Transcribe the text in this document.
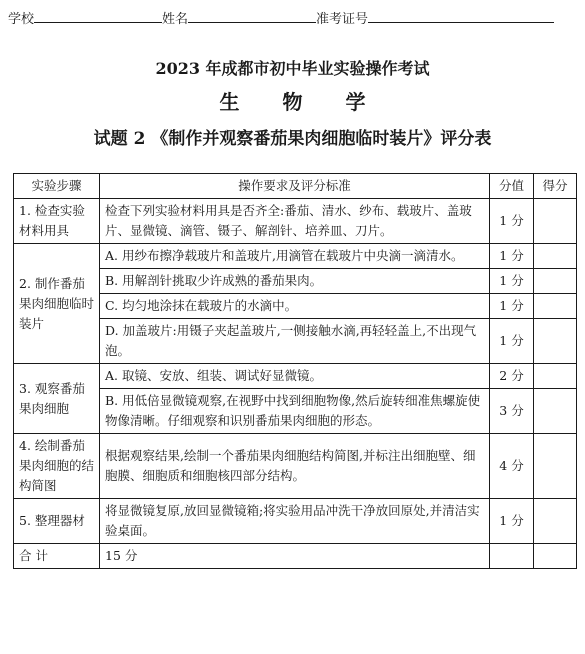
学校	姓名	准考证号
2023 年成都市初中毕业实验操作考试
生 物 学
试题 2 《制作并观察番茄果肉细胞临时装片》评分表
实验步骤	操作要求及评分标准	分值	得分
1. 检查实验材料用具	检查下列实验材料用具是否齐全:番茄、清水、纱布、载玻片、盖玻片、显微镜、滴管、镊子、解剖针、培养皿、刀片。	1 分	
2. 制作番茄果肉细胞临时装片	A. 用纱布擦净载玻片和盖玻片,用滴管在载玻片中央滴一滴清水。	1 分	
	B. 用解剖针挑取少许成熟的番茄果肉。	1 分	
	C. 均匀地涂抹在载玻片的水滴中。	1 分	
	D. 加盖玻片:用镊子夹起盖玻片,一侧接触水滴,再轻轻盖上,不出现气泡。	1 分	
3. 观察番茄果肉细胞	A. 取镜、安放、组装、调试好显微镜。	2 分	
	B. 用低倍显微镜观察,在视野中找到细胞物像,然后旋转细准焦螺旋使物像清晰。仔细观察和识别番茄果肉细胞的形态。	3 分	
4. 绘制番茄果肉细胞的结构简图	根据观察结果,绘制一个番茄果肉细胞结构简图,并标注出细胞壁、细胞膜、细胞质和细胞核四部分结构。	4 分	
5. 整理器材	将显微镜复原,放回显微镜箱;将实验用品冲洗干净放回原处,并清洁实验桌面。	1 分	
合 计	15 分		
